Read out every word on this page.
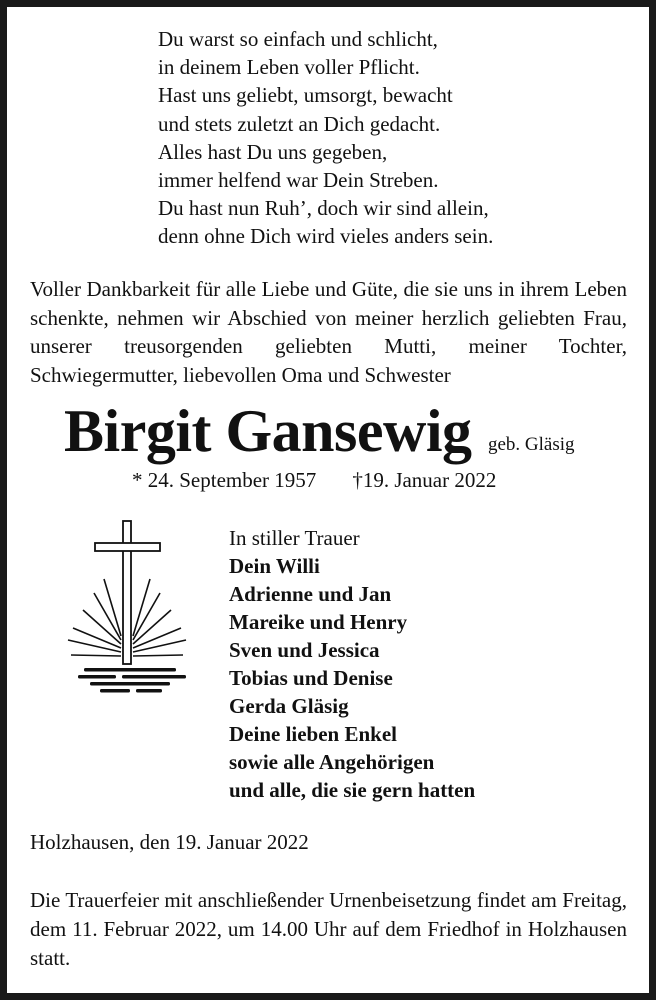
Du warst so einfach und schlicht,
in deinem Leben voller Pflicht.
Hast uns geliebt, umsorgt, bewacht
und stets zuletzt an Dich gedacht.
Alles hast Du uns gegeben,
immer helfend war Dein Streben.
Du hast nun Ruh’, doch wir sind allein,
denn ohne Dich wird vieles anders sein.
Voller Dankbarkeit für alle Liebe und Güte, die sie uns in ihrem Leben schenkte, nehmen wir Abschied von meiner herzlich geliebten Frau, unserer treusorgenden geliebten Mutti, meiner Tochter, Schwiegermutter, liebevollen Oma und Schwester
Birgit Gansewig geb. Gläsig
* 24. September 1957 †19. Januar 2022
In stiller Trauer
Dein Willi
Adrienne und Jan
Mareike und Henry
Sven und Jessica
Tobias und Denise
Gerda Gläsig
Deine lieben Enkel
sowie alle Angehörigen
und alle, die sie gern hatten
Holzhausen, den 19. Januar 2022
Die Trauerfeier mit anschließender Urnenbeisetzung findet am Freitag, dem 11. Februar 2022, um 14.00 Uhr auf dem Friedhof in Holzhausen statt.
